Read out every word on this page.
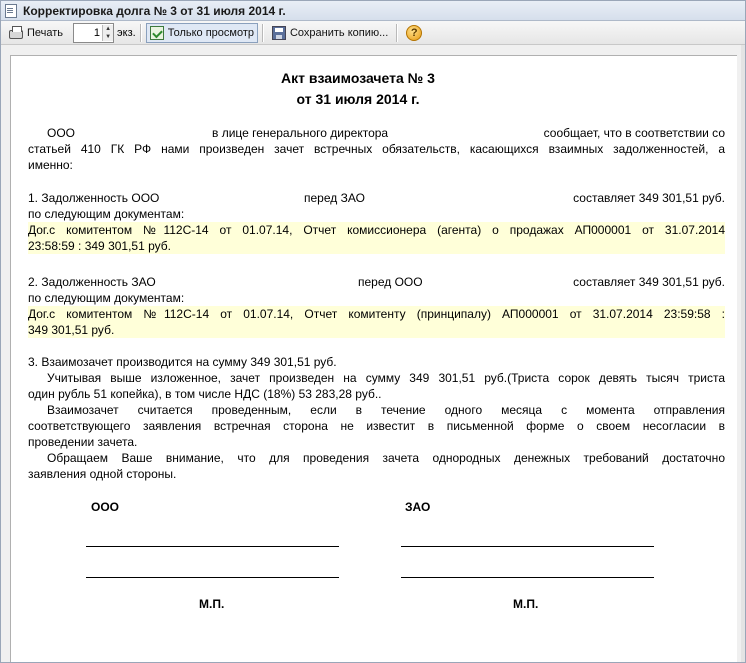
Корректировка долга № 3 от 31 июля 2014 г.
Печать	1 ▲
▼ экз.	Только просмотр	Сохранить копию...	?
Акт взаимозачета № 3
от 31 июля 2014 г.
ООО	в лице генерального директора	сообщает, что в соответствии со
статьей 410 ГК РФ нами произведен зачет встречных обязательств, касающихся взаимных задолженностей, а
именно:
1. Задолженность ООО	перед ЗАО	составляет 349 301,51 руб.
по следующим документам:
Дог.с комитентом №112С-14 от 01.07.14, Отчет комиссионера (агента) о продажах АП000001 от 31.07.2014
23:58:59 : 349 301,51 руб.
2. Задолженность ЗАО	перед ООО	составляет 349 301,51 руб.
по следующим документам:
Дог.с комитентом №112С-14 от 01.07.14, Отчет комитенту (принципалу) АП000001 от 31.07.2014 23:59:58 :
349 301,51 руб.
3. Взаимозачет производится на сумму 349 301,51 руб.
Учитывая выше изложенное, зачет произведен на сумму 349 301,51 руб.(Триста сорок девять тысяч триста
один рубль 51 копейка), в том числе НДС (18%) 53 283,28 руб..
Взаимозачет считается проведенным, если в течение одного месяца с момента отправления
соответствующего заявления встречная сторона не известит в письменной форме о своем несогласии в
проведении зачета.
Обращаем Ваше внимание, что для проведения зачета однородных денежных требований достаточно
заявления одной стороны.
ООО	ЗАО
М.П.	М.П.
